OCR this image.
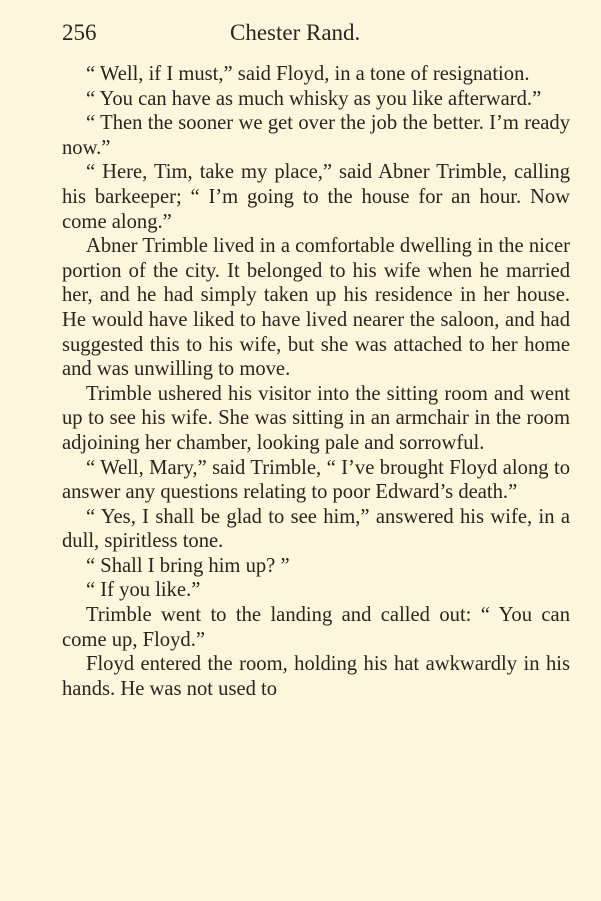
256	Chester Rand.

“ Well, if I must,” said Floyd, in a tone of resignation.

“ You can have as much whisky as you like afterward.”

“ Then the sooner we get over the job the better. I’m ready now.”

“ Here, Tim, take my place,” said Abner Trimble, calling his barkeeper; “ I’m going to the house for an hour. Now come along.”

Abner Trimble lived in a comfortable dwelling in the nicer portion of the city. It belonged to his wife when he married her, and he had simply taken up his residence in her house. He would have liked to have lived nearer the saloon, and had suggested this to his wife, but she was attached to her home and was unwilling to move.

Trimble ushered his visitor into the sitting room and went up to see his wife. She was sitting in an armchair in the room adjoining her chamber, looking pale and sorrowful.

“ Well, Mary,” said Trimble, “ I’ve brought Floyd along to answer any questions relating to poor Edward’s death.”

“ Yes, I shall be glad to see him,” answered his wife, in a dull, spiritless tone.

“ Shall I bring him up? ”

“ If you like.”

Trimble went to the landing and called out: “ You can come up, Floyd.”

Floyd entered the room, holding his hat awkwardly in his hands. He was not used to
